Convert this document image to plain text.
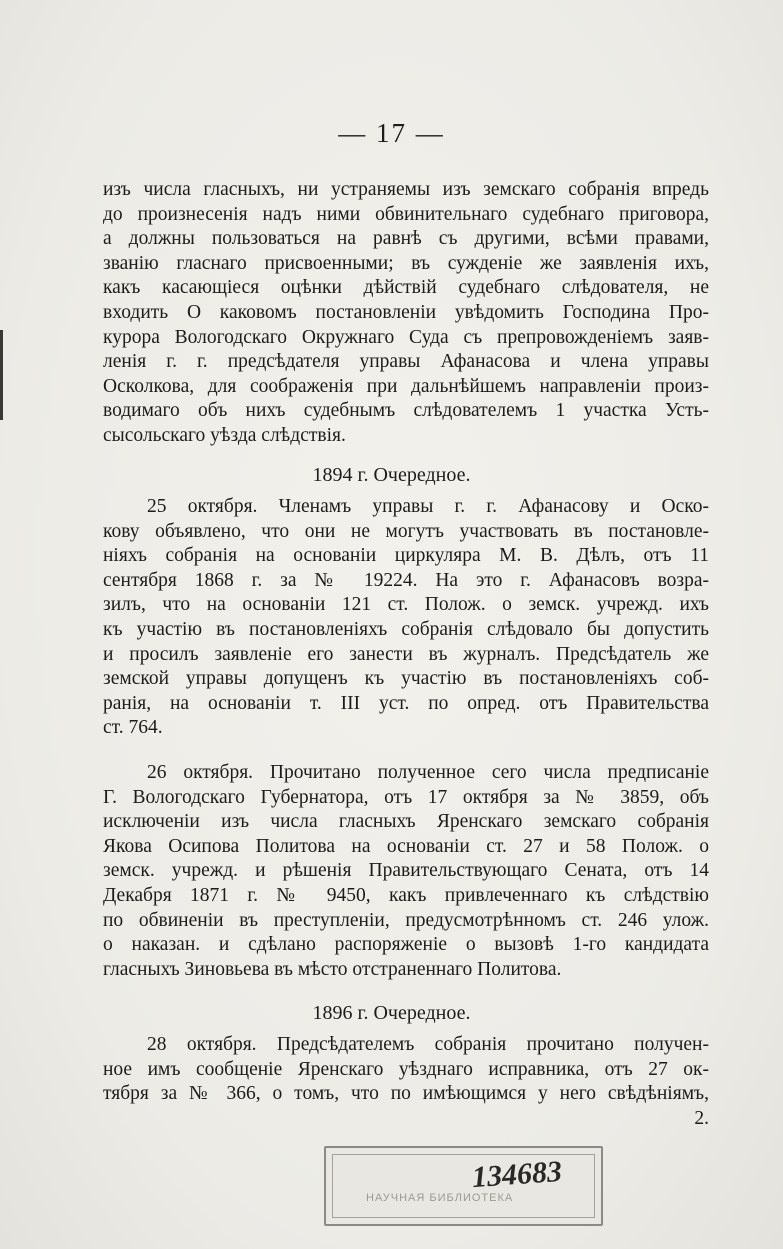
— 17 —
изъ числа гласныхъ, ни устраняемы изъ земскаго собранія впредь
до произнесенія надъ ними обвинительнаго судебнаго приговора,
а должны пользоваться на равнѣ съ другими, всѣми правами,
званію гласнаго присвоенными; въ сужденіе же заявленія ихъ,
какъ касающіеся оцѣнки дѣйствій судебнаго слѣдователя, не
входить О каковомъ постановленіи увѣдомить Господина Про-
курора Вологодскаго Окружнаго Суда съ препровожденіемъ заяв-
ленія г. г. предсѣдателя управы Афанасова и члена управы
Осколкова, для соображенія при дальнѣйшемъ направленіи произ-
водимаго объ нихъ судебнымъ слѣдователемъ 1 участка Усть-
сысольскаго уѣзда слѣдствія.
1894 г. Очередное.
25 октября. Членамъ управы г. г. Афанасову и Оско-
кову объявлено, что они не могутъ участвовать въ постановле-
ніяхъ собранія на основаніи циркуляра М. В. Дѣлъ, отъ 11
сентября 1868 г. за № 19224. На это г. Афанасовъ возра-
зилъ, что на основаніи 121 ст. Полож. о земск. учрежд. ихъ
къ участію въ постановленіяхъ собранія слѣдовало бы допустить
и просилъ заявленіе его занести въ журналъ. Предсѣдатель же
земской управы допущенъ къ участію въ постановленіяхъ соб-
ранія, на основаніи т. III уст. по опред. отъ Правительства
ст. 764.
26 октября. Прочитано полученное сего числа предписаніе
Г. Вологодскаго Губернатора, отъ 17 октября за № 3859, объ
исключеніи изъ числа гласныхъ Яренскаго земскаго собранія
Якова Осипова Политова на основаніи ст. 27 и 58 Полож. о
земск. учрежд. и рѣшенія Правительствующаго Сената, отъ 14
Декабря 1871 г. № 9450, какъ привлеченнаго къ слѣдствію
по обвиненіи въ преступленіи, предусмотрѣнномъ ст. 246 улож.
о наказан. и сдѣлано распоряженіе о вызовѣ 1-го кандидата
гласныхъ Зиновьева въ мѣсто отстраненнаго Политова.
1896 г. Очередное.
28 октября. Предсѣдателемъ собранія прочитано получен-
ное имъ сообщеніе Яренскаго уѣзднаго исправника, отъ 27 ок-
тября за № 366, о томъ, что по имѣющимся у него свѣдѣніямъ,
2.
134683
НАУЧНАЯ БИБЛИОТЕКА
